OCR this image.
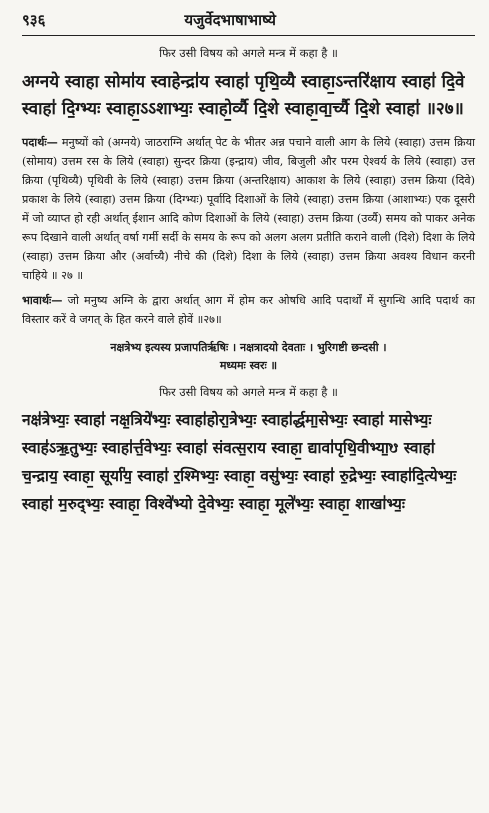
९३६	यजुर्वेदभाषाभाष्ये

फिर उसी विषय को अगले मन्त्र में कहा है ॥

अग्नये स्वाहा सोमा॑य स्वाहेन्द्रा॑य स्वाहा॑ पृथि॒व्यै स्वाहा॒ऽन्तरि॑क्षाय स्वाहा॑ दि॒वे स्वाहा॑ दि॒ग्भ्यः स्वाहा॒ऽऽशाभ्यः॒ स्वाहो॒र्व्यै दि॒शे स्वाहा॒वा॒र्च्यै दि॒शे स्वाहा॑ ॥२७॥

पदार्थः— मनुष्यों को (अग्नये) जाठराग्नि अर्थात् पेट के भीतर अन्न पचाने वाली आग के लिये (स्वाहा) उत्तम क्रिया (सोमाय) उत्तम रस के लिये (स्वाहा) सुन्दर क्रिया (इन्द्राय) जीव, बिजुली और परम ऐश्वर्य के लिये (स्वाहा) उत्त क्रिया (पृथिव्यै) पृथिवी के लिये (स्वाहा) उत्तम क्रिया (अन्तरिक्षाय) आकाश के लिये (स्वाहा) उत्तम क्रिया (दिवे) प्रकाश के लिये (स्वाहा) उत्तम क्रिया (दिग्भ्यः) पूर्वादि दिशाओं के लिये (स्वाहा) उत्तम क्रिया (आशाभ्यः) एक दूसरी में जो व्याप्त हो रही अर्थात् ईशान आदि कोण दिशाओं के लिये (स्वाहा) उत्तम क्रिया (उर्व्यै) समय को पाकर अनेक रूप दिखाने वाली अर्थात् वर्षा गर्मी सर्दी के समय के रूप को अलग अलग प्रतीति कराने वाली (दिशे) दिशा के लिये (स्वाहा) उत्तम क्रिया और (अर्वाच्यै) नीचे की (दिशे) दिशा के लिये (स्वाहा) उत्तम क्रिया अवश्य विधान करनी चाहिये ॥ २७ ॥

भावार्थः— जो मनुष्य अग्नि के द्वारा अर्थात् आग में होम कर ओषधि आदि पदार्थों में सुगन्धि आदि पदार्थ का विस्तार करें वे जगत् के हित करने वाले होवें ॥२७॥

नक्षत्रेभ्य इत्यस्य प्रजापतिर्ऋषिः । नक्षत्रादयो देवताः । भुरिगष्टी छन्दसी ।
मध्यमः स्वरः ॥

फिर उसी विषय को अगले मन्त्र में कहा है ॥

नक्ष॑त्रेभ्यः॒ स्वाहा॑ नक्ष॒त्रिये॑भ्यः॒ स्वाहा॑होरा॒त्रेभ्यः॒ स्वाहा॑र्द्धमा॒सेभ्यः॒ स्वाहा॑ मासेभ्यः॒ स्वाह॑ऽऋ॒तुभ्यः॒ स्वाहा॑र्त्त॒वेभ्यः॒ स्वाहा॑ संवत्स॒राय स्वाहा॒ द्यावा॑पृथि॒वीभ्या॒ᳪ स्वाहा॑ च॒न्द्राय॒ स्वाहा॒ सूर्या॑य॒ स्वाहा॑ र॒श्मिभ्यः॒ स्वाहा॒ वसु॑भ्यः॒ स्वाहा॑ रु॒द्रेभ्यः॒ स्वाहा॑दि॒त्येभ्यः॒ स्वाहा॑ म॒रुद्भ्यः॒ स्वाहा॒ विश्वे॑भ्यो दे॒वेभ्यः॒ स्वाहा॒ मूले॑भ्यः॒ स्वाहा॒ शाखा॑भ्यः॒
